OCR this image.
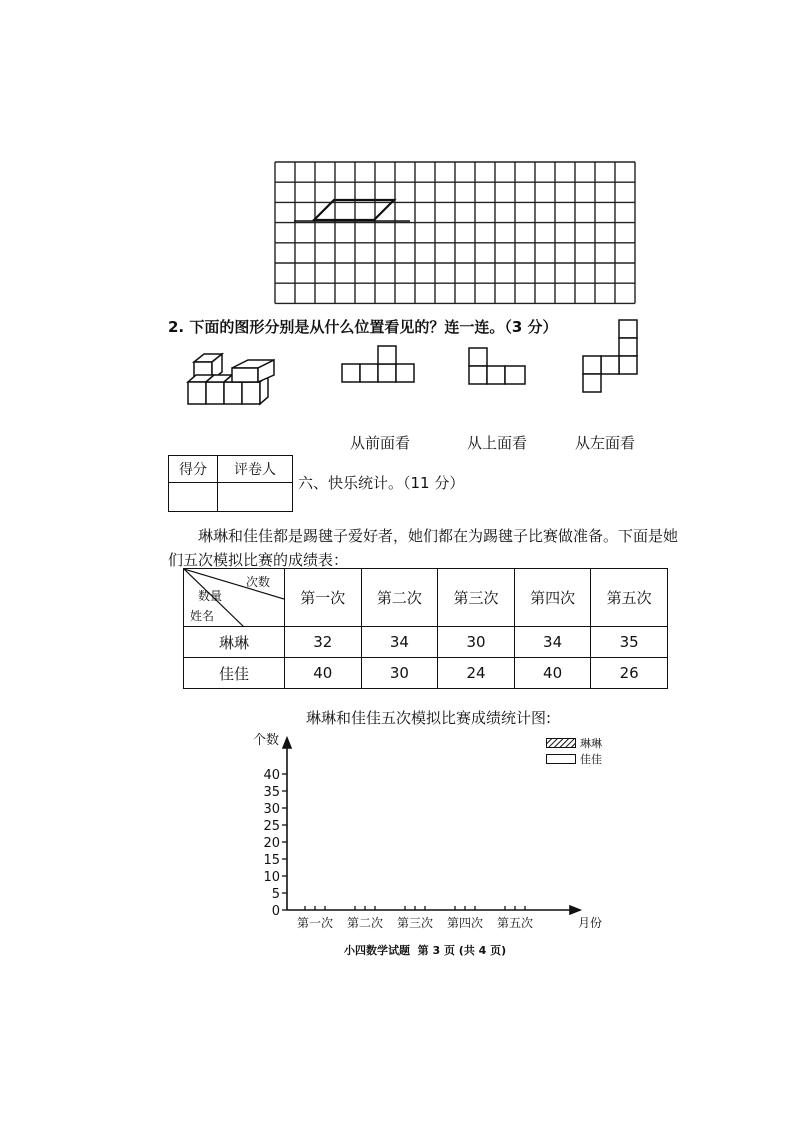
2. 下面的图形分别是从什么位置看见的？连一连。（3 分）
从前面看	从上面看	从左面看
得分	评卷人

六、快乐统计。（11 分）
琳琳和佳佳都是踢毽子爱好者，她们都在为踢毽子比赛做准备。下面是她
们五次模拟比赛的成绩表：
次数
数量
姓名	第一次	第二次	第三次	第四次	第五次
琳琳	32	34	30	34	35
佳佳	40	30	24	40	26
琳琳和佳佳五次模拟比赛成绩统计图:
个数
月份
0
5
10
15
20
25
30
35
40
第一次 第二次 第三次 第四次 第五次
琳琳
佳佳
小四数学试题  第 3 页 (共 4 页)
